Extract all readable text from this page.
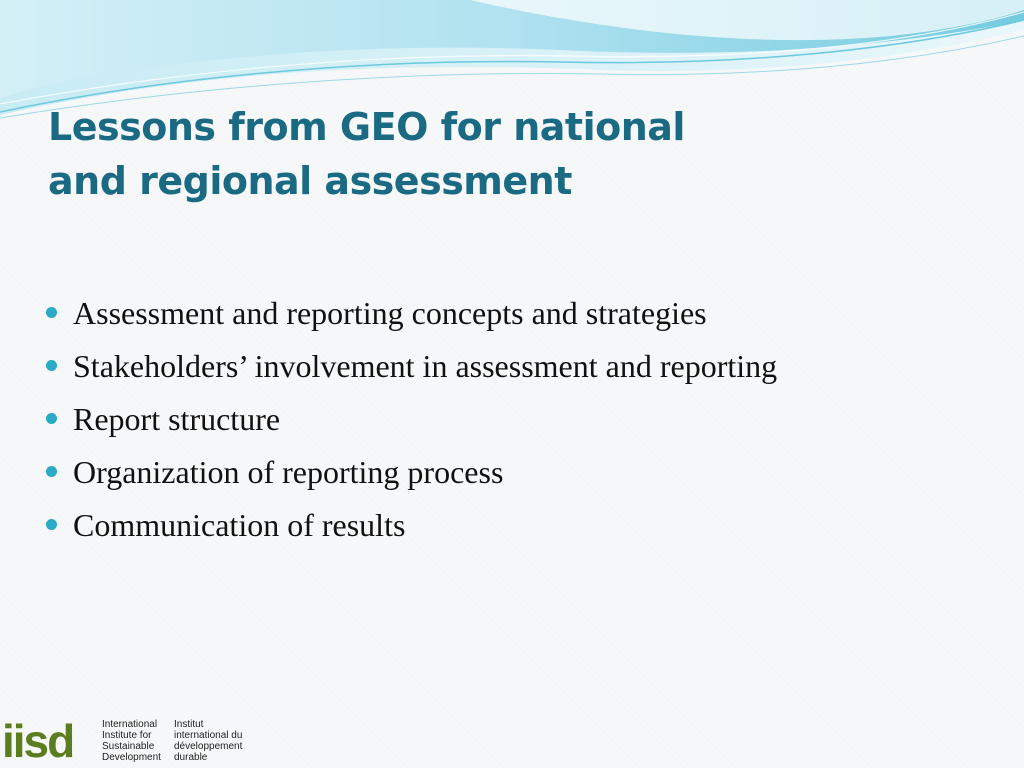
Lessons from GEO for national
and regional assessment
Assessment and reporting concepts and strategies
Stakeholders’ involvement in assessment and reporting
Report structure
Organization of reporting process
Communication of results
iisd	International
Institute for
Sustainable
Development
Institut
international du
développement
durable
